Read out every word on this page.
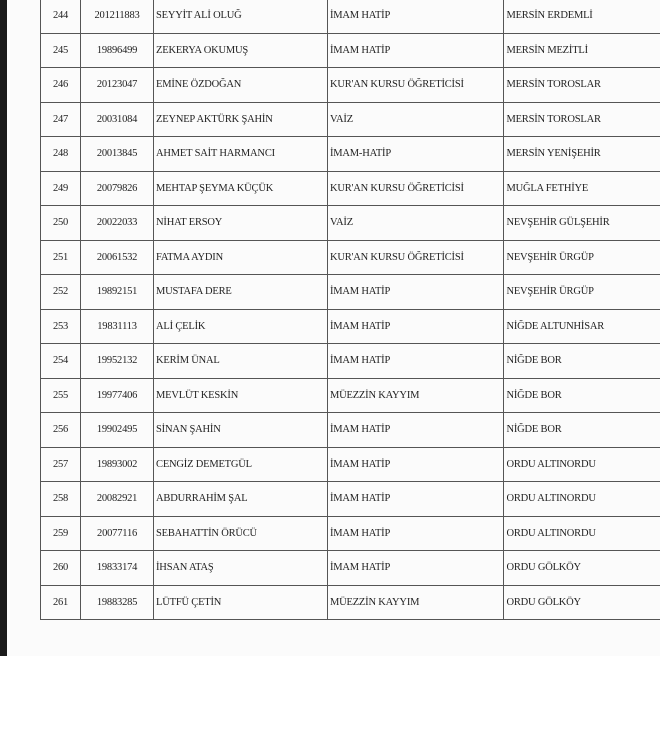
244	201211883	SEYYİT ALİ OLUĞ	İMAM HATİP	MERSİN ERDEMLİ
245	19896499	ZEKERYA OKUMUŞ	İMAM HATİP	MERSİN MEZİTLİ
246	20123047	EMİNE ÖZDOĞAN	KUR'AN KURSU ÖĞRETİCİSİ	MERSİN TOROSLAR
247	20031084	ZEYNEP AKTÜRK ŞAHİN	VAİZ	MERSİN TOROSLAR
248	20013845	AHMET SAİT HARMANCI	İMAM-HATİP	MERSİN YENİŞEHİR
249	20079826	MEHTAP ŞEYMA KÜÇÜK	KUR'AN KURSU ÖĞRETİCİSİ	MUĞLA FETHİYE
250	20022033	NİHAT ERSOY	VAİZ	NEVŞEHİR GÜLŞEHİR
251	20061532	FATMA AYDIN	KUR'AN KURSU ÖĞRETİCİSİ	NEVŞEHİR ÜRGÜP
252	19892151	MUSTAFA DERE	İMAM HATİP	NEVŞEHİR ÜRGÜP
253	19831113	ALİ ÇELİK	İMAM HATİP	NİĞDE ALTUNHİSAR
254	19952132	KERİM ÜNAL	İMAM HATİP	NİĞDE BOR
255	19977406	MEVLÜT KESKİN	MÜEZZİN KAYYIM	NİĞDE BOR
256	19902495	SİNAN ŞAHİN	İMAM HATİP	NİĞDE BOR
257	19893002	CENGİZ DEMETGÜL	İMAM HATİP	ORDU ALTINORDU
258	20082921	ABDURRAHİM ŞAL	İMAM HATİP	ORDU ALTINORDU
259	20077116	SEBAHATTİN ÖRÜCÜ	İMAM HATİP	ORDU ALTINORDU
260	19833174	İHSAN ATAŞ	İMAM HATİP	ORDU GÖLKÖY
261	19883285	LÜTFÜ ÇETİN	MÜEZZİN KAYYIM	ORDU GÖLKÖY
